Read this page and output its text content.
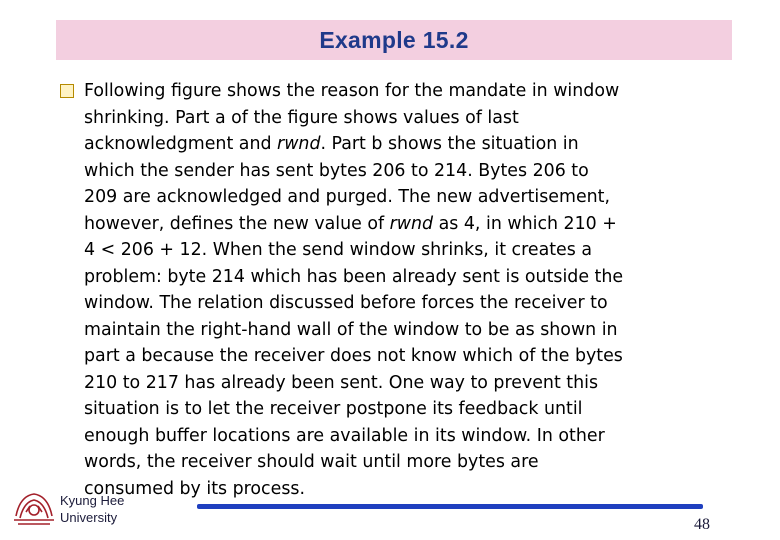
Example 15.2
Following figure shows the reason for the mandate in window
shrinking. Part a of the figure shows values of last
acknowledgment and rwnd. Part b shows the situation in
which the sender has sent bytes 206 to 214. Bytes 206 to
209 are acknowledged and purged. The new advertisement,
however, defines the new value of rwnd as 4, in which 210 +
4 < 206 + 12. When the send window shrinks, it creates a
problem: byte 214 which has been already sent is outside the
window. The relation discussed before forces the receiver to
maintain the right-hand wall of the window to be as shown in
part a because the receiver does not know which of the bytes
210 to 217 has already been sent. One way to prevent this
situation is to let the receiver postpone its feedback until
enough buffer locations are available in its window. In other
words, the receiver should wait until more bytes are
consumed by its process.
Kyung Hee
University	48
